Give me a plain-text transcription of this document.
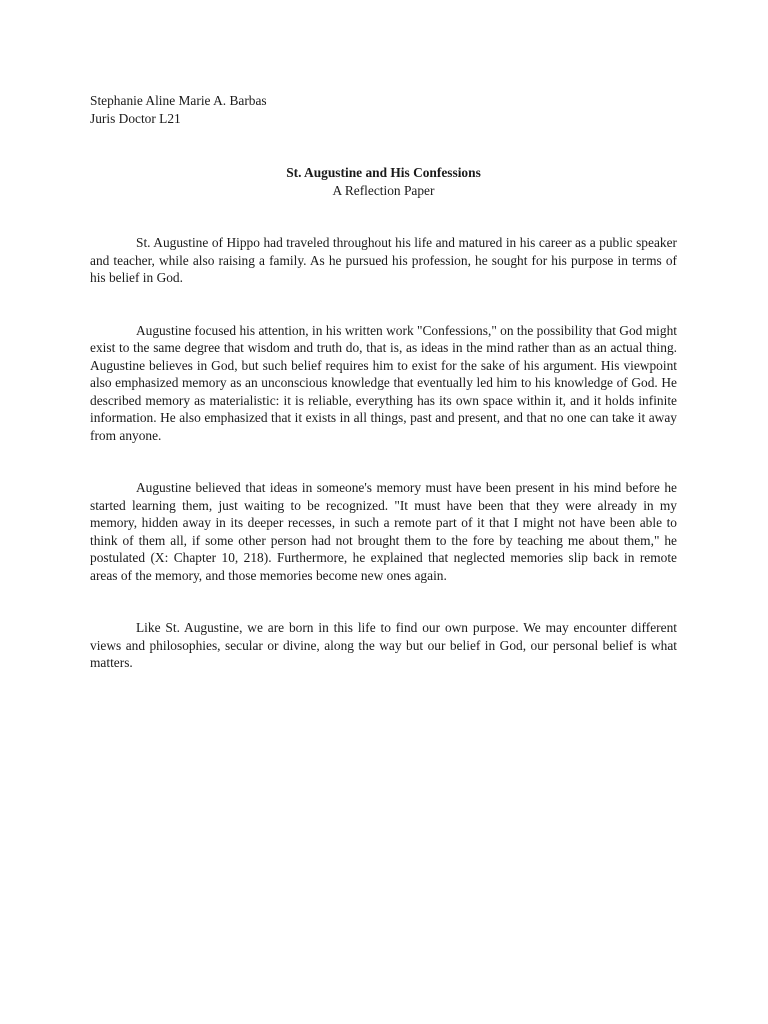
Stephanie Aline Marie A. Barbas
Juris Doctor L21
St. Augustine and His Confessions
A Reflection Paper

St. Augustine of Hippo had traveled throughout his life and matured in his career as a public speaker and teacher, while also raising a family. As he pursued his profession, he sought for his purpose in terms of his belief in God.

Augustine focused his attention, in his written work "Confessions," on the possibility that God might exist to the same degree that wisdom and truth do, that is, as ideas in the mind rather than as an actual thing. Augustine believes in God, but such belief requires him to exist for the sake of his argument. His viewpoint also emphasized memory as an unconscious knowledge that eventually led him to his knowledge of God. He described memory as materialistic: it is reliable, everything has its own space within it, and it holds infinite information. He also emphasized that it exists in all things, past and present, and that no one can take it away from anyone.

Augustine believed that ideas in someone's memory must have been present in his mind before he started learning them, just waiting to be recognized. "It must have been that they were already in my memory, hidden away in its deeper recesses, in such a remote part of it that I might not have been able to think of them all, if some other person had not brought them to the fore by teaching me about them," he postulated (X: Chapter 10, 218). Furthermore, he explained that neglected memories slip back in remote areas of the memory, and those memories become new ones again.

Like St. Augustine, we are born in this life to find our own purpose. We may encounter different views and philosophies, secular or divine, along the way but our belief in God, our personal belief is what matters.
